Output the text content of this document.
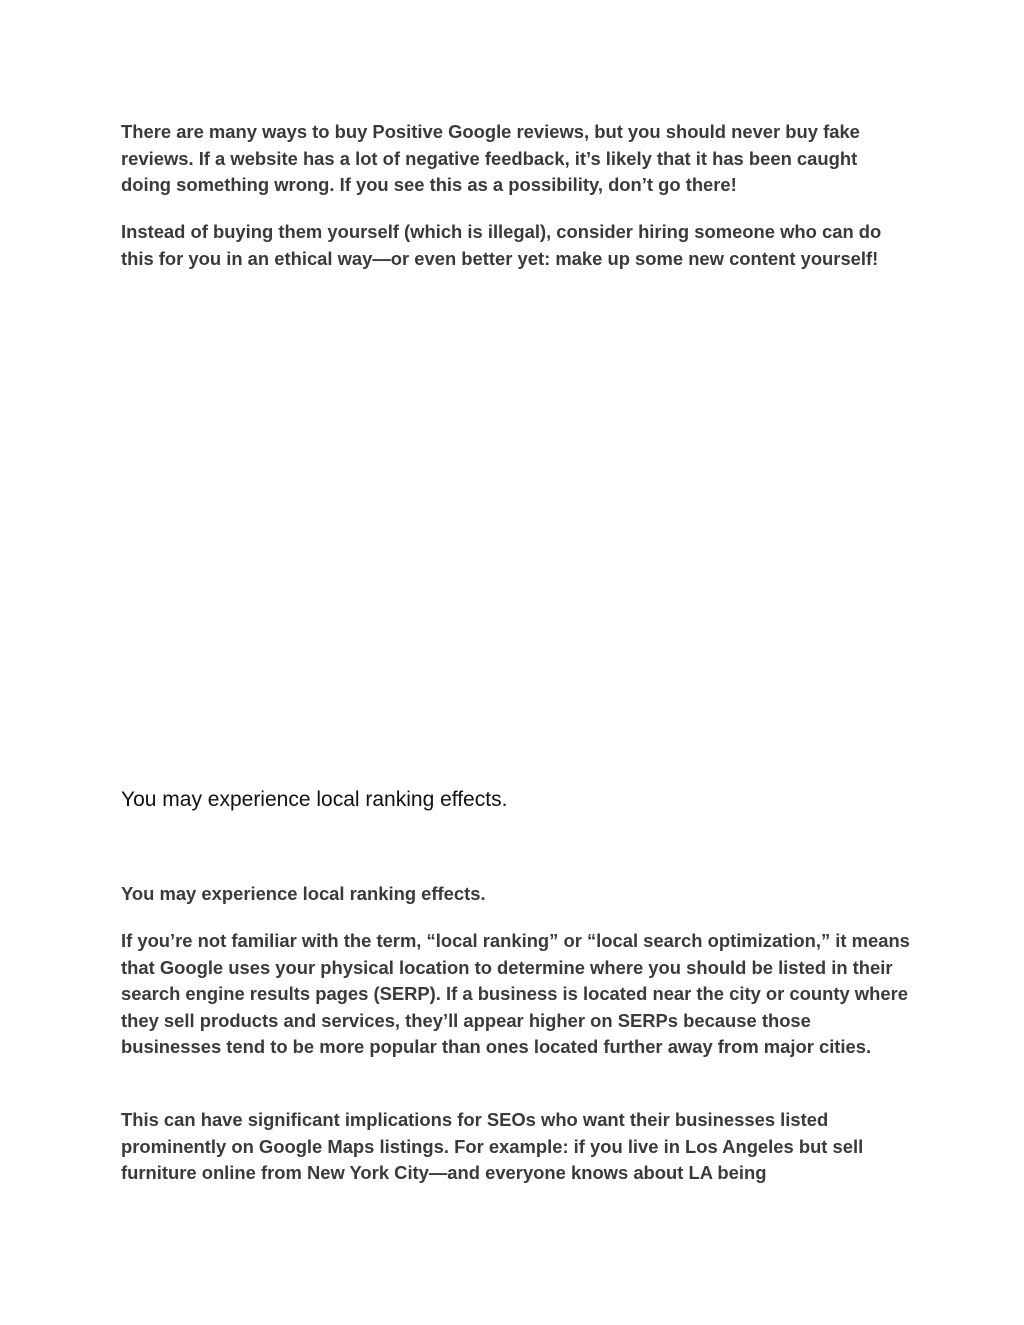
There are many ways to buy Positive Google reviews, but you should never buy fake reviews. If a website has a lot of negative feedback, it’s likely that it has been caught doing something wrong. If you see this as a possibility, don’t go there!

Instead of buying them yourself (which is illegal), consider hiring someone who can do this for you in an ethical way—or even better yet: make up some new content yourself!

You may experience local ranking effects.

You may experience local ranking effects.

If you’re not familiar with the term, “local ranking” or “local search optimization,” it means that Google uses your physical location to determine where you should be listed in their search engine results pages (SERP). If a business is located near the city or county where they sell products and services, they’ll appear higher on SERPs because those businesses tend to be more popular than ones located further away from major cities.

This can have significant implications for SEOs who want their businesses listed prominently on Google Maps listings. For example: if you live in Los Angeles but sell furniture online from New York City—and everyone knows about LA being
